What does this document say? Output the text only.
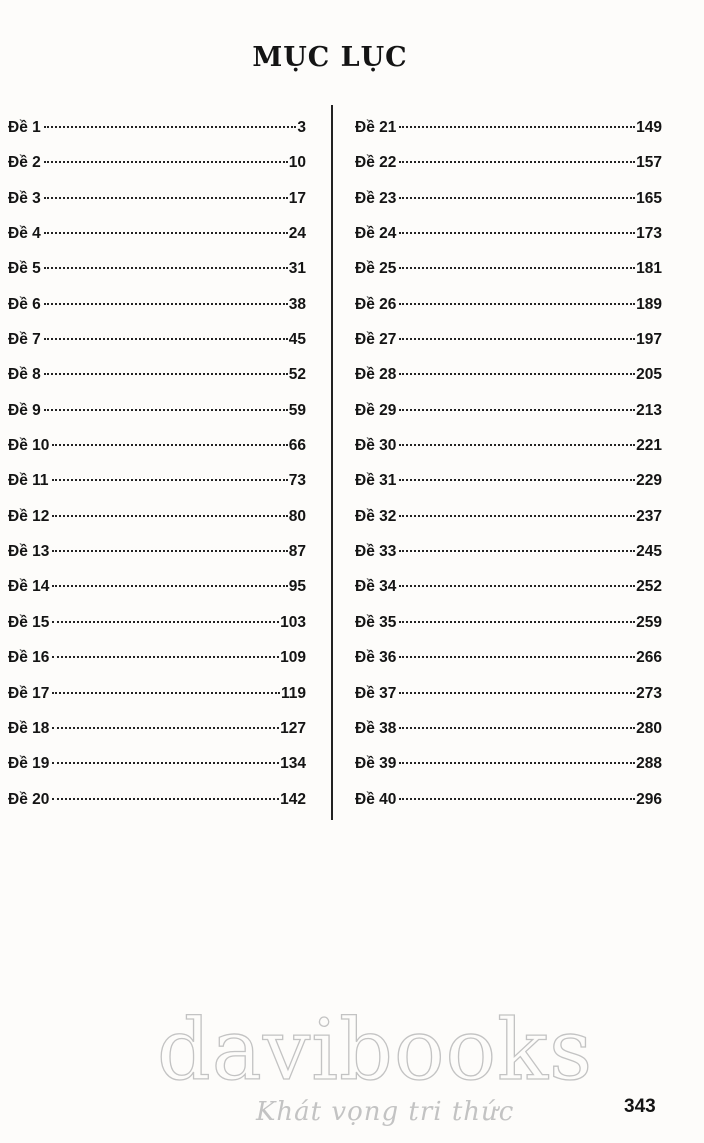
MỤC LỤC
Đề 1	3
Đề 2	10
Đề 3	17
Đề 4	24
Đề 5	31
Đề 6	38
Đề 7	45
Đề 8	52
Đề 9	59
Đề 10	66
Đề 11	73
Đề 12	80
Đề 13	87
Đề 14	95
Đề 15	103
Đề 16	109
Đề 17	119
Đề 18	127
Đề 19	134
Đề 20	142
Đề 21	149
Đề 22	157
Đề 23	165
Đề 24	173
Đề 25	181
Đề 26	189
Đề 27	197
Đề 28	205
Đề 29	213
Đề 30	221
Đề 31	229
Đề 32	237
Đề 33	245
Đề 34	252
Đề 35	259
Đề 36	266
Đề 37	273
Đề 38	280
Đề 39	288
Đề 40	296
davibooks
Khát vọng tri thức	343
